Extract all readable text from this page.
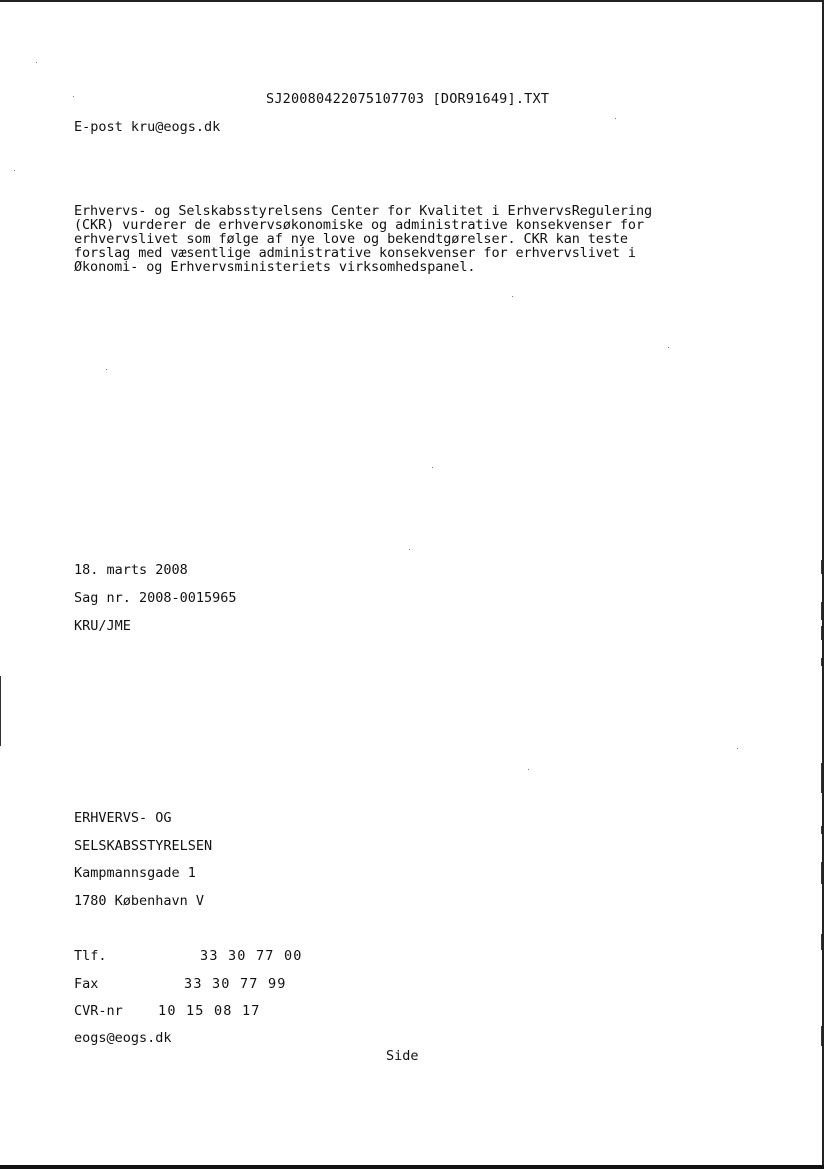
SJ20080422075107703 [DOR91649].TXT
E-post kru@eogs.dk
Erhvervs- og Selskabsstyrelsens Center for Kvalitet i ErhvervsRegulering
(CKR) vurderer de erhvervsøkonomiske og administrative konsekvenser for
erhvervslivet som følge af nye love og bekendtgørelser. CKR kan teste
forslag med væsentlige administrative konsekvenser for erhvervslivet i
Økonomi- og Erhvervsministeriets virksomhedspanel.
18. marts 2008
Sag nr. 2008-0015965
KRU/JME
ERHVERVS- OG
SELSKABSSTYRELSEN
Kampmannsgade 1
1780 København V
Tlf.	33 30 77 00
Fax	33 30 77 99
CVR-nr	10 15 08 17
eogs@eogs.dk
Side
